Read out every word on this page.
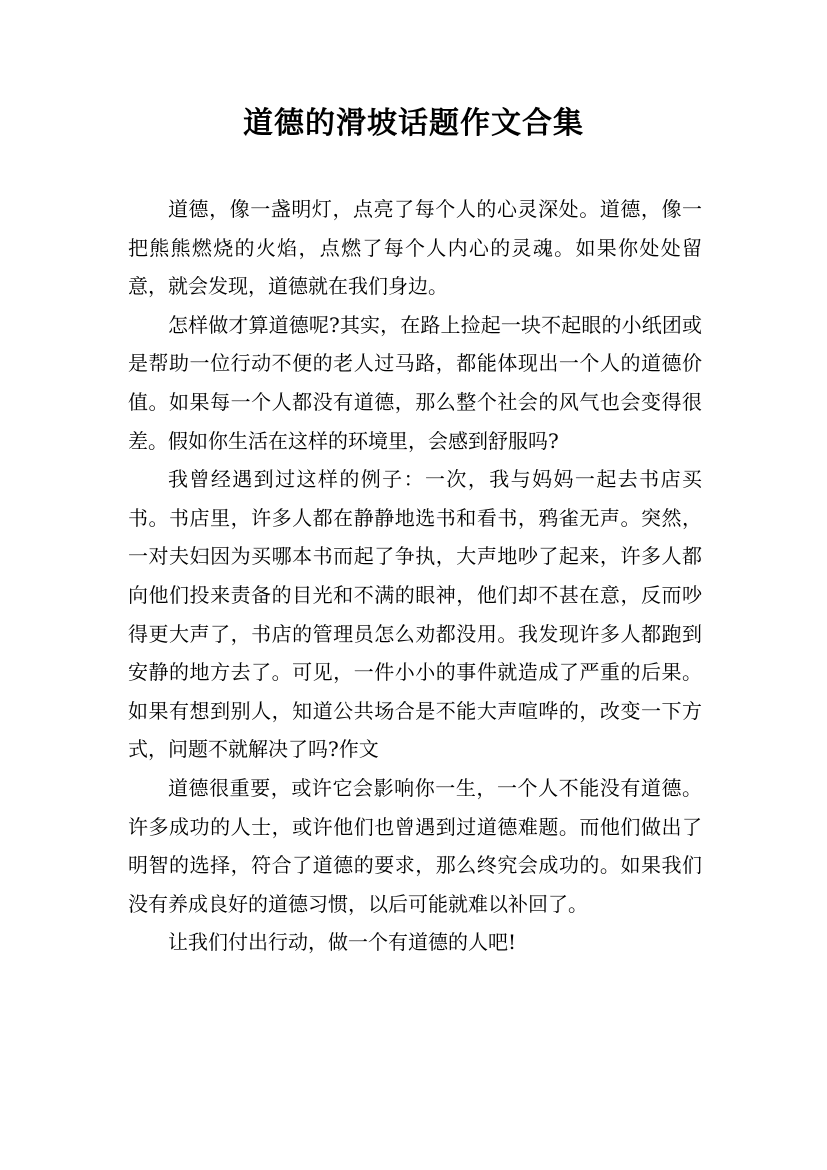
道德的滑坡话题作文合集

道德，像一盏明灯，点亮了每个人的心灵深处。道德，像一把熊熊燃烧的火焰，点燃了每个人内心的灵魂。如果你处处留意，就会发现，道德就在我们身边。

怎样做才算道德呢?其实，在路上捡起一块不起眼的小纸团或是帮助一位行动不便的老人过马路，都能体现出一个人的道德价值。如果每一个人都没有道德，那么整个社会的风气也会变得很差。假如你生活在这样的环境里，会感到舒服吗?

我曾经遇到过这样的例子：一次，我与妈妈一起去书店买书。书店里，许多人都在静静地选书和看书，鸦雀无声。突然，一对夫妇因为买哪本书而起了争执，大声地吵了起来，许多人都向他们投来责备的目光和不满的眼神，他们却不甚在意，反而吵得更大声了，书店的管理员怎么劝都没用。我发现许多人都跑到安静的地方去了。可见，一件小小的事件就造成了严重的后果。如果有想到别人，知道公共场合是不能大声喧哗的，改变一下方式，问题不就解决了吗?作文

道德很重要，或许它会影响你一生，一个人不能没有道德。许多成功的人士，或许他们也曾遇到过道德难题。而他们做出了明智的选择，符合了道德的要求，那么终究会成功的。如果我们没有养成良好的道德习惯，以后可能就难以补回了。

让我们付出行动，做一个有道德的人吧!
